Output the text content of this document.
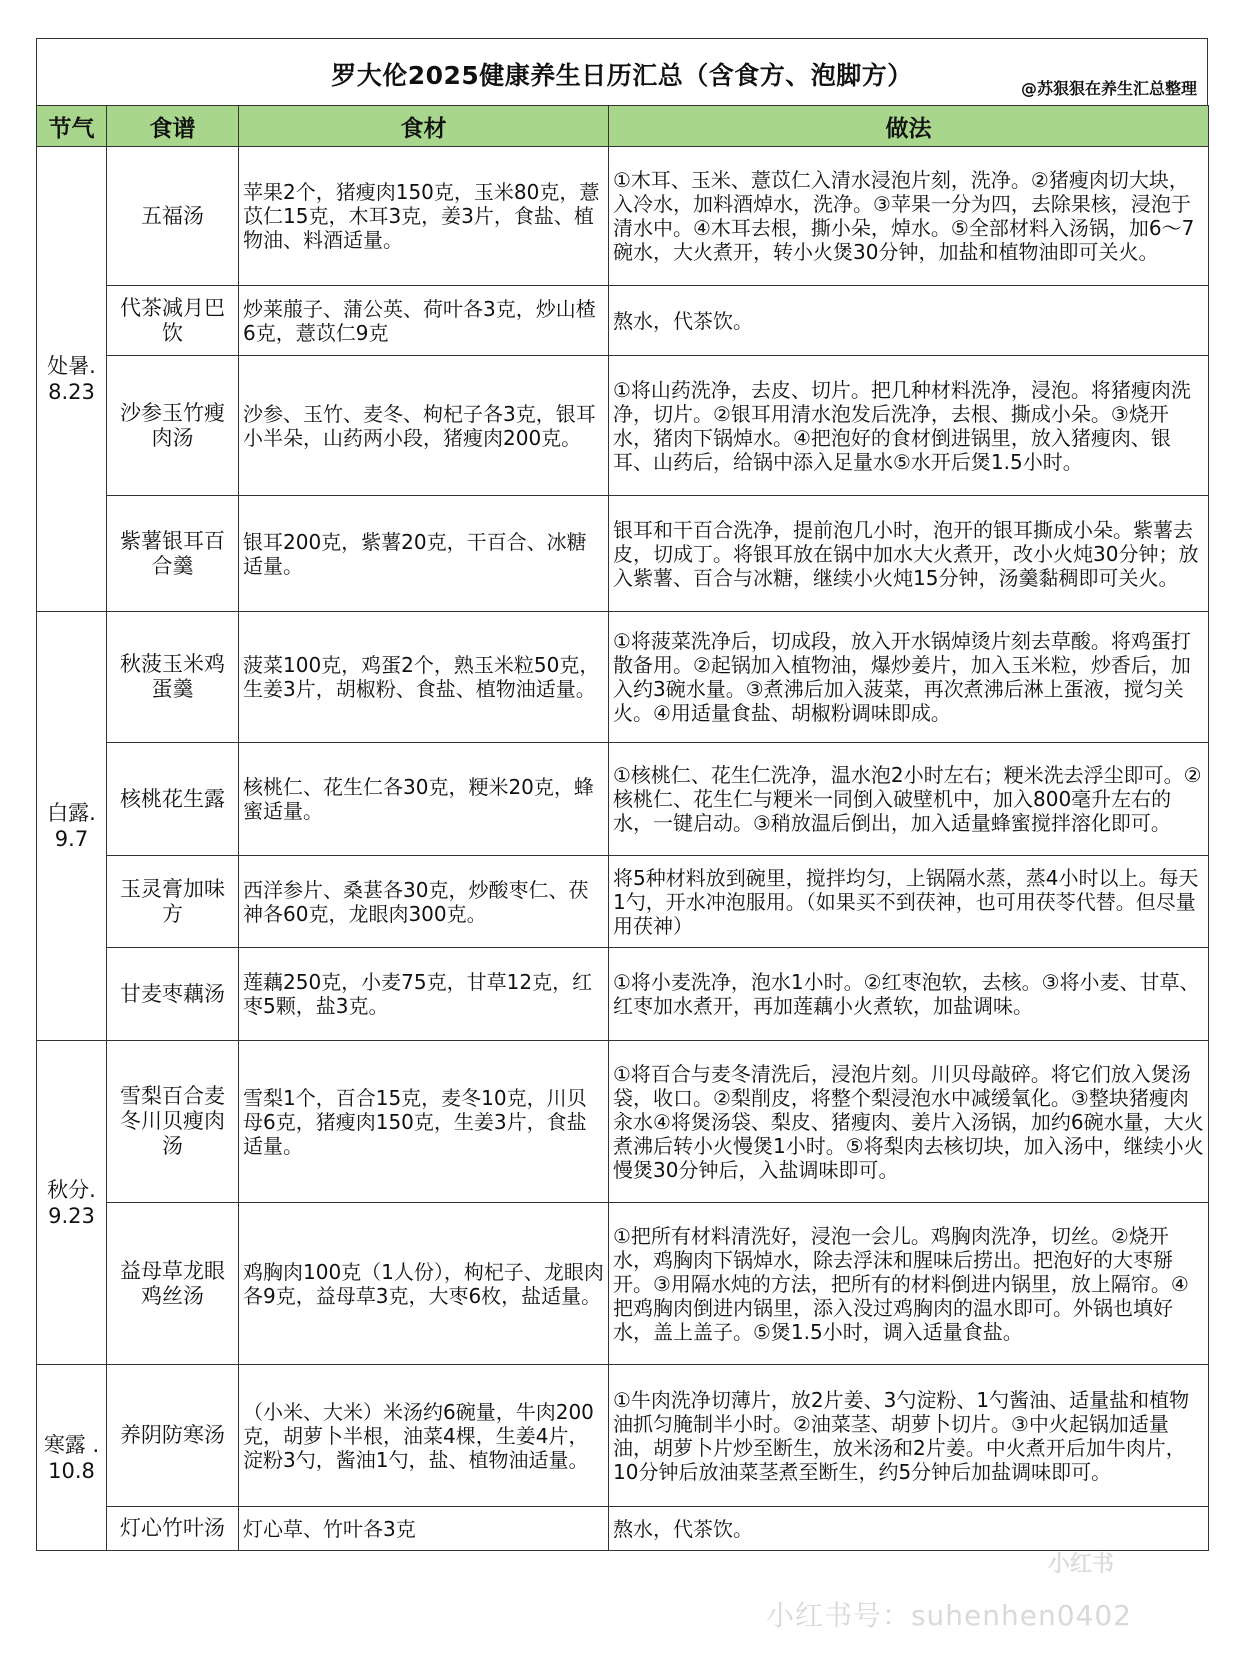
罗大伦2025健康养生日历汇总（含食方、泡脚方）	@苏狠狠在养生汇总整理
节气	食谱	食材	做法
处暑.
8.23	五福汤	苹果2个，猪瘦肉150克，玉米80克，薏苡仁15克，木耳3克，姜3片，食盐、植物油、料酒适量。	①木耳、玉米、薏苡仁入清水浸泡片刻，洗净。②猪瘦肉切大块，入冷水，加料酒焯水，洗净。③苹果一分为四，去除果核，浸泡于清水中。④木耳去根，撕小朵，焯水。⑤全部材料入汤锅，加6～7碗水，大火煮开，转小火煲30分钟，加盐和植物油即可关火。
	代茶减月巴饮	炒莱菔子、蒲公英、荷叶各3克，炒山楂6克，薏苡仁9克	熬水，代茶饮。
	沙参玉竹瘦肉汤	沙参、玉竹、麦冬、枸杞子各3克，银耳小半朵，山药两小段，猪瘦肉200克。	①将山药洗净，去皮、切片。把几种材料洗净，浸泡。将猪瘦肉洗净，切片。②银耳用清水泡发后洗净，去根、撕成小朵。③烧开水，猪肉下锅焯水。④把泡好的食材倒进锅里，放入猪瘦肉、银耳、山药后，给锅中添入足量水⑤水开后煲1.5小时。
	紫薯银耳百合羹	银耳200克，紫薯20克，干百合、冰糖适量。	银耳和干百合洗净，提前泡几小时，泡开的银耳撕成小朵。紫薯去皮，切成丁。将银耳放在锅中加水大火煮开，改小火炖30分钟；放入紫薯、百合与冰糖，继续小火炖15分钟，汤羹黏稠即可关火。
白露.
9.7	秋菠玉米鸡蛋羹	菠菜100克，鸡蛋2个，熟玉米粒50克，生姜3片，胡椒粉、食盐、植物油适量。	①将菠菜洗净后，切成段，放入开水锅焯烫片刻去草酸。将鸡蛋打散备用。②起锅加入植物油，爆炒姜片，加入玉米粒，炒香后，加入约3碗水量。③煮沸后加入菠菜，再次煮沸后淋上蛋液，搅匀关火。④用适量食盐、胡椒粉调味即成。
	核桃花生露	核桃仁、花生仁各30克，粳米20克，蜂蜜适量。	①核桃仁、花生仁洗净，温水泡2小时左右；粳米洗去浮尘即可。②核桃仁、花生仁与粳米一同倒入破壁机中，加入800毫升左右的水，一键启动。③稍放温后倒出，加入适量蜂蜜搅拌溶化即可。
	玉灵膏加味方	西洋参片、桑葚各30克，炒酸枣仁、茯神各60克，龙眼肉300克。	将5种材料放到碗里，搅拌均匀，上锅隔水蒸，蒸4小时以上。每天1勺，开水冲泡服用。（如果买不到茯神，也可用茯苓代替。但尽量用茯神）
	甘麦枣藕汤	莲藕250克，小麦75克，甘草12克，红枣5颗，盐3克。	①将小麦洗净，泡水1小时。②红枣泡软，去核。③将小麦、甘草、红枣加水煮开，再加莲藕小火煮软，加盐调味。
秋分.
9.23	雪梨百合麦冬川贝瘦肉汤	雪梨1个，百合15克，麦冬10克，川贝母6克，猪瘦肉150克，生姜3片，食盐适量。	①将百合与麦冬清洗后，浸泡片刻。川贝母敲碎。将它们放入煲汤袋，收口。②梨削皮，将整个梨浸泡水中减缓氧化。③整块猪瘦肉汆水④将煲汤袋、梨皮、猪瘦肉、姜片入汤锅，加约6碗水量，大火煮沸后转小火慢煲1小时。⑤将梨肉去核切块，加入汤中，继续小火慢煲30分钟后，入盐调味即可。
	益母草龙眼鸡丝汤	鸡胸肉100克（1人份），枸杞子、龙眼肉各9克，益母草3克，大枣6枚，盐适量。	①把所有材料清洗好，浸泡一会儿。鸡胸肉洗净，切丝。②烧开水，鸡胸肉下锅焯水，除去浮沫和腥味后捞出。把泡好的大枣掰开。③用隔水炖的方法，把所有的材料倒进内锅里，放上隔帘。④把鸡胸肉倒进内锅里，添入没过鸡胸肉的温水即可。外锅也填好水，盖上盖子。⑤煲1.5小时，调入适量食盐。
寒露 .
10.8	养阴防寒汤	（小米、大米）米汤约6碗量，牛肉200克，胡萝卜半根，油菜4棵，生姜4片，淀粉3勺，酱油1勺，盐、植物油适量。	①牛肉洗净切薄片，放2片姜、3勺淀粉、1勺酱油、适量盐和植物油抓匀腌制半小时。②油菜茎、胡萝卜切片。③中火起锅加适量油，胡萝卜片炒至断生，放米汤和2片姜。中火煮开后加牛肉片，10分钟后放油菜茎煮至断生，约5分钟后加盐调味即可。
	灯心竹叶汤	灯心草、竹叶各3克	熬水，代茶饮。
小红书
小红书号：suhenhen0402
